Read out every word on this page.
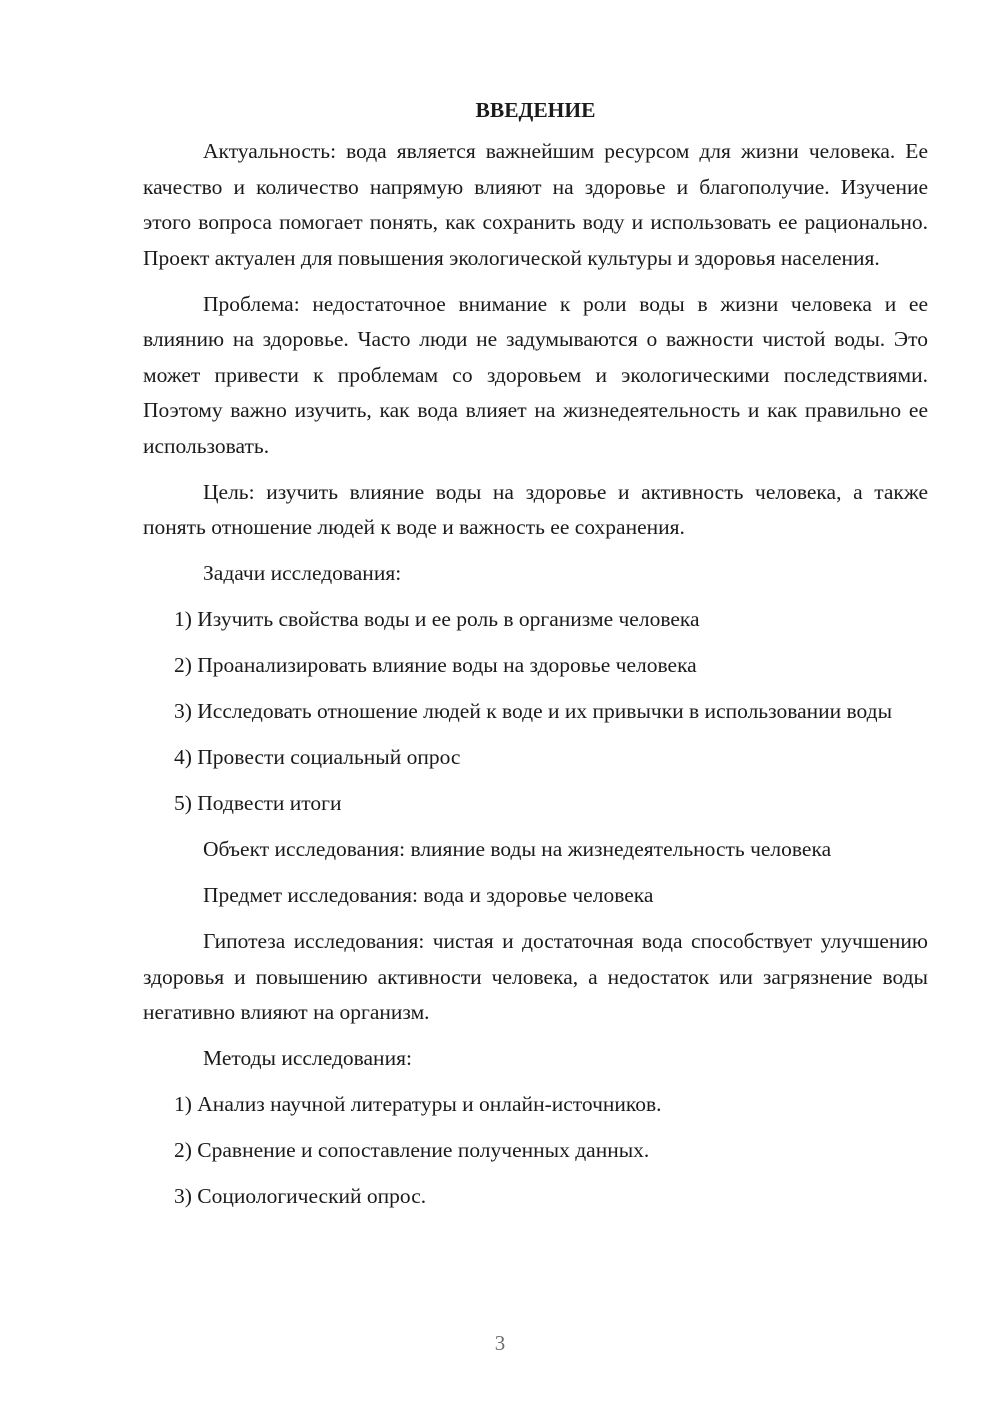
ВВЕДЕНИЕ

Актуальность: вода является важнейшим ресурсом для жизни человека. Ее качество и количество напрямую влияют на здоровье и благополучие. Изучение этого вопроса помогает понять, как сохранить воду и использовать ее рационально. Проект актуален для повышения экологической культуры и здоровья населения.

Проблема: недостаточное внимание к роли воды в жизни человека и ее влиянию на здоровье. Часто люди не задумываются о важности чистой воды. Это может привести к проблемам со здоровьем и экологическими последствиями. Поэтому важно изучить, как вода влияет на жизнедеятельность и как правильно ее использовать.

Цель: изучить влияние воды на здоровье и активность человека, а также понять отношение людей к воде и важность ее сохранения.

Задачи исследования:

1) Изучить свойства воды и ее роль в организме человека

2) Проанализировать влияние воды на здоровье человека

3) Исследовать отношение людей к воде и их привычки в использовании воды

4) Провести социальный опрос

5) Подвести итоги

Объект исследования: влияние воды на жизнедеятельность человека

Предмет исследования: вода и здоровье человека

Гипотеза исследования: чистая и достаточная вода способствует улучшению здоровья и повышению активности человека, а недостаток или загрязнение воды негативно влияют на организм.

Методы исследования:

1) Анализ научной литературы и онлайн-источников.

2) Сравнение и сопоставление полученных данных.

3) Социологический опрос.

3
